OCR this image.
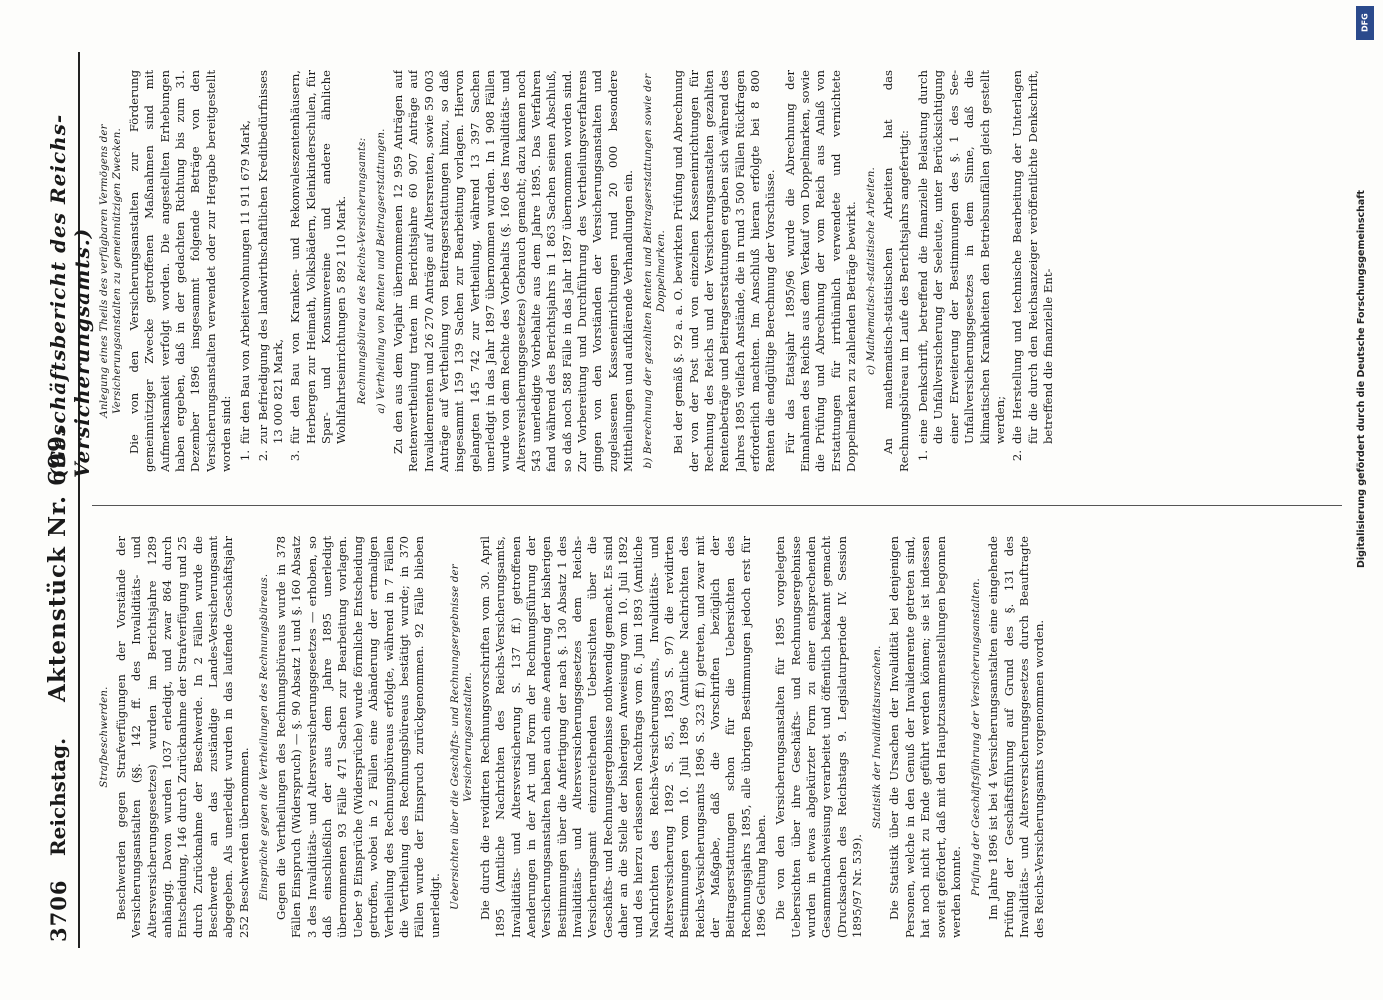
3706
Reichstag.
Aktenstück Nr. 699.
(Geschäftsbericht des Reichs-Versicherungsamts.)
Strafbeschwerden. Beschwerden gegen Strafverfügungen der Vorstände der Versicherungsanstalten (§§. 142 ff. des Invaliditäts- und Altersversicherungsgesetzes) wurden im Berichtsjahre 1289 anhängig. Davon wurden 1037 erledigt, und zwar 864 durch Entscheidung, 146 durch Zurücknahme der Strafverfügung und 25 durch Zurücknahme der Beschwerde. In 2 Fällen wurde die Beschwerde an das zuständige Landes-Versicherungsamt abgegeben. Als unerledigt wurden in das laufende Geschäftsjahr 252 Beschwerden übernommen. Einsprüche gegen die Vertheilungen des Rechnungsbüreaus. Gegen die Vertheilungen des Rechnungsbüreaus wurde in 378 Fällen Einspruch (Widerspruch) — §. 90 Absatz 1 und §. 160 Absatz 3 des Invaliditäts- und Altersversicherungsgesetzes — erhoben, so daß einschließlich der aus dem Jahre 1895 unerledigt übernommenen 93 Fälle 471 Sachen zur Bearbeitung vorlagen. Ueber 9 Einsprüche (Widersprüche) wurde förmliche Entscheidung getroffen, wobei in 2 Fällen eine Abänderung der ertmaligen Vertheilung des Rechnungsbüreaus erfolgte, während in 7 Fällen die Vertheilung des Rechnungsbüreaus bestätigt wurde; in 370 Fällen wurde der Einspruch zurückgenommen. 92 Fälle blieben unerledigt. Uebersichten über die Geschäfts- und Rechnungsergebnisse der Versicherungsanstalten. Die durch die revidirten Rechnungsvorschriften vom 30. April 1895 (Amtliche Nachrichten des Reichs-Versicherungsamts, Invaliditäts- und Altersversicherung S. 137 ff.) getroffenen Aenderungen in der Art und Form der Rechnungsführung der Versicherungsanstalten haben auch eine Aenderung der bisherigen Bestimmungen über die Anfertigung der nach §. 130 Absatz 1 des Invaliditäts- und Altersversicherungsgesetzes dem Reichs-Versicherungsamt einzureichenden Uebersichten über die Geschäfts- und Rechnungsergebnisse nothwendig gemacht. Es sind daher an die Stelle der bisherigen Anweisung vom 10. Juli 1892 und des hierzu erlassenen Nachtrags vom 6. Juni 1893 (Amtliche Nachrichten des Reichs-Versicherungsamts, Invaliditäts- und Altersversicherung 1892 S. 85, 1893 S. 97) die revidirten Bestimmungen vom 10. Juli 1896 (Amtliche Nachrichten des Reichs-Versicherungsamts 1896 S. 323 ff.) getreten, und zwar mit der Maßgabe, daß die Vorschriften bezüglich der Beitragserstattungen schon für die Uebersichten des Rechnungsjahrs 1895, alle übrigen Bestimmungen jedoch erst für 1896 Geltung haben. Die von den Versicherungsanstalten für 1895 vorgelegten Uebersichten über ihre Geschäfts- und Rechnungsergebnisse wurden in etwas abgekürzter Form zu einer entsprechenden Gesammtnachweisung verarbeitet und öffentlich bekannt gemacht (Drucksachen des Reichstags 9. Legislaturperiode IV. Session 1895/97 Nr. 539).

Statistik der Invaliditätsursachen. Die Statistik über die Ursachen der Invalidität bei denjenigen Personen, welche in den Genuß der Invalidenrente getreten sind, hat noch nicht zu Ende geführt werden können; sie ist indessen soweit gefördert, daß mit den Hauptzusammenstellungen begonnen werden konnte. Prüfung der Geschäftsführung der Versicherungsanstalten. Im Jahre 1896 ist bei 4 Versicherungsanstalten eine eingehende Prüfung der Geschäftsführung auf Grund des §. 131 des Invaliditäts- und Altersversicherungsgesetzes durch Beauftragte des Reichs-Versicherungsamts vorgenommen worden.

Anlegung eines Theils des verfügbaren Vermögens der Versicherungsanstalten zu gemeinnützigen Zwecken. Die von den Versicherungsanstalten zur Förderung gemeinnütziger Zwecke getroffenen Maßnahmen sind mit Aufmerksamkeit verfolgt worden. Die angestellten Erhebungen haben ergeben, daß in der gedachten Richtung bis zum 31. Dezember 1896 insgesammt folgende Beträge von den Versicherungsanstalten verwendet oder zur Hergabe bereitgestellt worden sind: 1.
für den Bau von Arbeiterwohnungen 11 911 679 Mark,
2.
zur Befriedigung des landwirthschaftlichen Kreditbedürfnisses 13 000 821 Mark,
3.
für den Bau von Kranken- und Rekonvaleszentenhäusern, Herbergen zur Heimath, Volksbädern, Kleinkinderschulen, für Spar- und Konsumvereine und andere ähnliche Wohlfahrtseinrichtungen 5 892 110 Mark. Rechnungsbüreau des Reichs-Versicherungsamts: a) Vertheilung von Renten und Beitragserstattungen. Zu den aus dem Vorjahr übernommenen 12 959 Anträgen auf Rentenvertheilung traten im Berichtsjahre 60 907 Anträge auf Invalidenrenten und 26 270 Anträge auf Altersrenten, sowie 59 003 Anträge auf Vertheilung von Beitragserstattungen hinzu, so daß insgesammt 159 139 Sachen zur Bearbeitung vorlagen. Hiervon gelangten 145 742 zur Vertheilung, während 13 397 Sachen unerledigt in das Jahr 1897 übernommen wurden. In 1 908 Fällen wurde von dem Rechte des Vorbehalts (§. 160 des Invaliditäts- und Altersversicherungsgesetzes) Gebrauch gemacht; dazu kamen noch 543 unerledigte Vorbehalte aus dem Jahre 1895. Das Verfahren fand während des Berichtsjahrs in 1 863 Sachen seinen Abschluß, so daß noch 588 Fälle in das Jahr 1897 übernommen worden sind. Zur Vorbereitung und Durchführung des Vertheilungsverfahrens gingen von den Vorständen der Versicherungsanstalten und zugelassenen Kasseneinrichtungen rund 20 000 besondere Mittheilungen und aufklärende Verhandlungen ein. b) Berechnung der gezahlten Renten und Beitragserstattungen sowie der Doppelmarken. Bei der gemäß §. 92 a. a. O. bewirkten Prüfung und Abrechnung der von der Post und von einzelnen Kasseneinrichtungen für Rechnung des Reichs und der Versicherungsanstalten gezahlten Rentenbeträge und Beitragserstattungen ergaben sich während des Jahres 1895 vielfach Anstände, die in rund 3 500 Fällen Rückfragen erforderlich machten. Im Anschluß hieran erfolgte bei 8 800 Renten die endgültige Berechnung der Vorschüsse. Für das Etatsjahr 1895/96 wurde die Abrechnung der Einnahmen des Reichs aus dem Verkauf von Doppelmarken, sowie die Prüfung und Abrechnung der vom Reich aus Anlaß von Erstattungen für irrthümlich verwendete und vernichtete Doppelmarken zu zahlenden Beträge bewirkt. c) Mathematisch-statistische Arbeiten. An mathematisch-statistischen Arbeiten hat das Rechnungsbüreau im Laufe des Berichtsjahrs angefertigt: 1.
eine Denkschrift, betreffend die finanzielle Belastung durch die Unfallversicherung der Seeleute, unter Berücksichtigung einer Erweiterung der Bestimmungen des §. 1 des See-Unfallversicherungsgesetzes in dem Sinne, daß die klimatischen Krankheiten den Betriebsunfällen gleich gestellt werden;
2.
die Herstellung und technische Bearbeitung der Unterlagen für die durch den Reichsanzeiger veröffentlichte Denkschrift, betreffend die finanzielle Ent-
DFG
Digitalisierung gefördert durch die Deutsche Forschungsgemeinschaft
